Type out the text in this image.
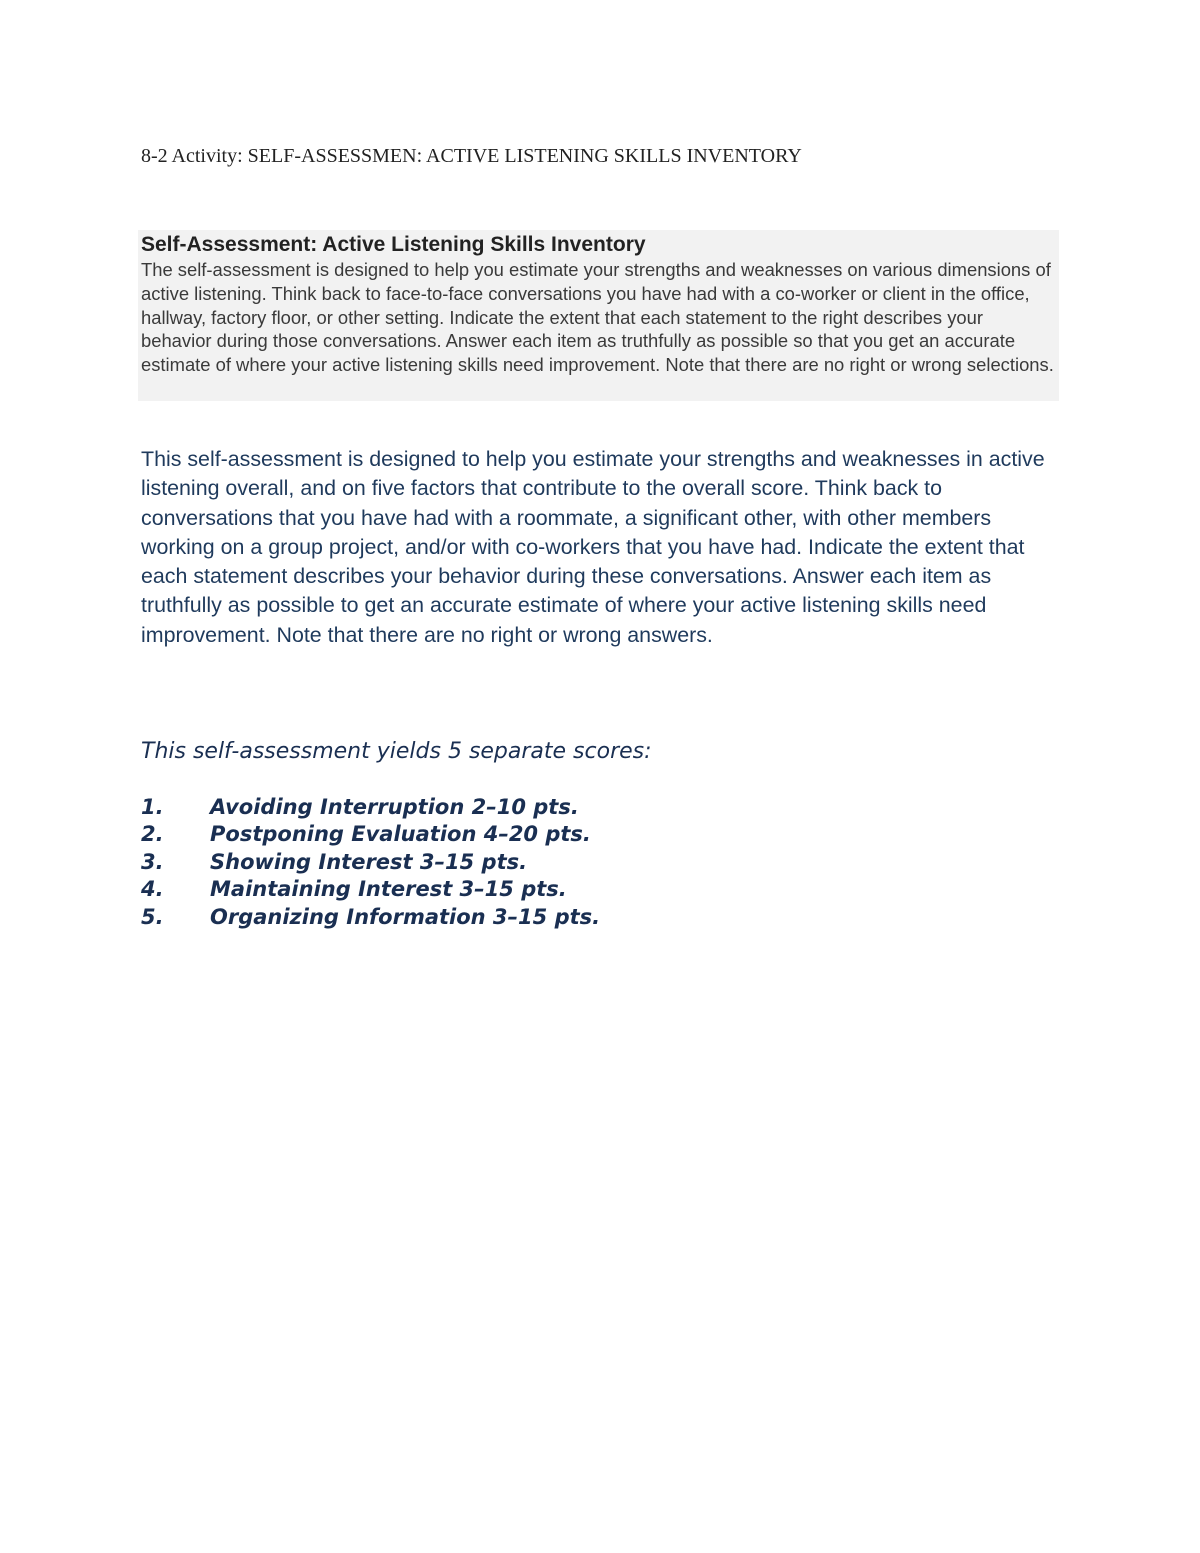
8-2 Activity: SELF-ASSESSMEN: ACTIVE LISTENING SKILLS INVENTORY

Self-Assessment: Active Listening Skills Inventory

The self-assessment is designed to help you estimate your strengths and weaknesses on various dimensions of active listening. Think back to face-to-face conversations you have had with a co-worker or client in the office, hallway, factory floor, or other setting. Indicate the extent that each statement to the right describes your behavior during those conversations. Answer each item as truthfully as possible so that you get an accurate estimate of where your active listening skills need improvement. Note that there are no right or wrong selections.

This self-assessment is designed to help you estimate your strengths and weaknesses in active listening overall, and on five factors that contribute to the overall score. Think back to conversations that you have had with a roommate, a significant other, with other members working on a group project, and/or with co-workers that you have had. Indicate the extent that each statement describes your behavior during these conversations. Answer each item as truthfully as possible to get an accurate estimate of where your active listening skills need improvement. Note that there are no right or wrong answers.

This self-assessment yields 5 separate scores:

1.	Avoiding Interruption 2–10 pts.
2.	Postponing Evaluation 4–20 pts.
3.	Showing Interest 3–15 pts.
4.	Maintaining Interest 3–15 pts.
5.	Organizing Information 3–15 pts.
